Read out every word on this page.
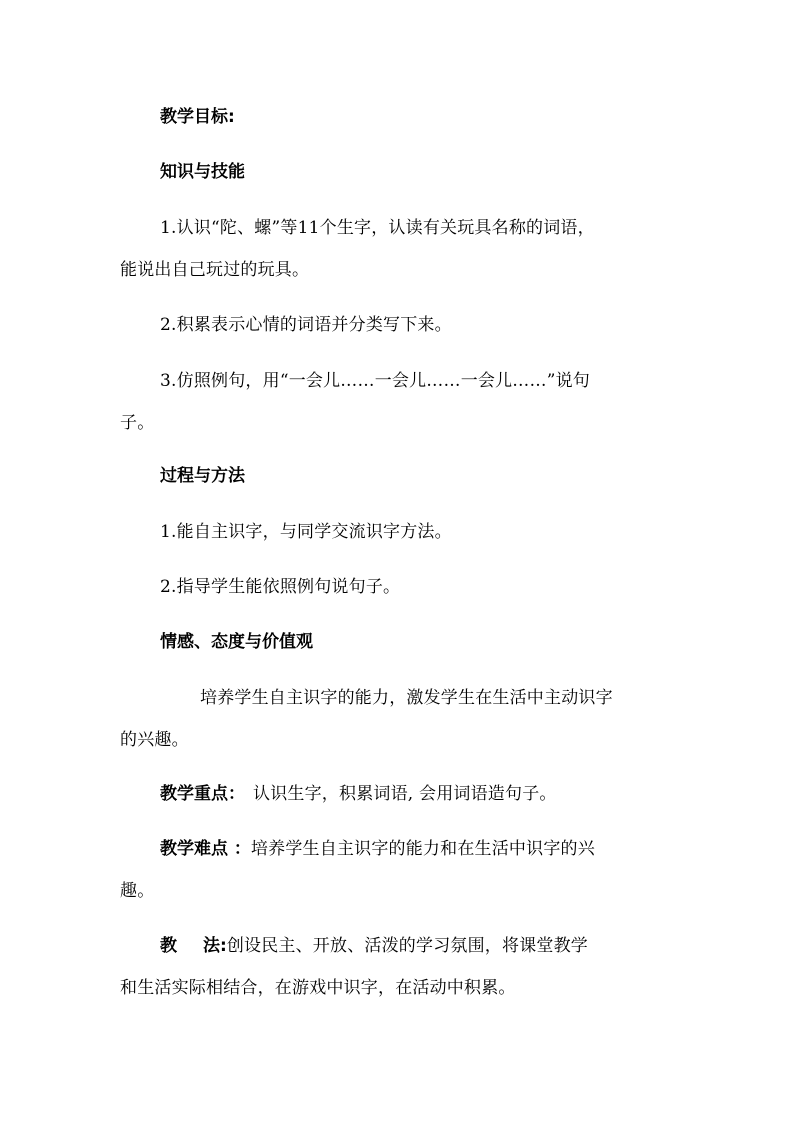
教学目标:
知识与技能
1.认识“陀、螺”等11个生字，认读有关玩具名称的词语，
能说出自己玩过的玩具。
2.积累表示心情的词语并分类写下来。
3.仿照例句，用“一会儿……一会儿……一会儿……”说句
子。
过程与方法
1.能自主识字，与同学交流识字方法。
2.指导学生能依照例句说句子。
情感、态度与价值观
培养学生自主识字的能力，激发学生在生活中主动识字
的兴趣。
教学重点： 认识生字，积累词语, 会用词语造句子。
教学难点 ：培养学生自主识字的能力和在生活中识字的兴
趣。
教 法:创设民主、开放、活泼的学习氛围，将课堂教学
和生活实际相结合，在游戏中识字，在活动中积累。
